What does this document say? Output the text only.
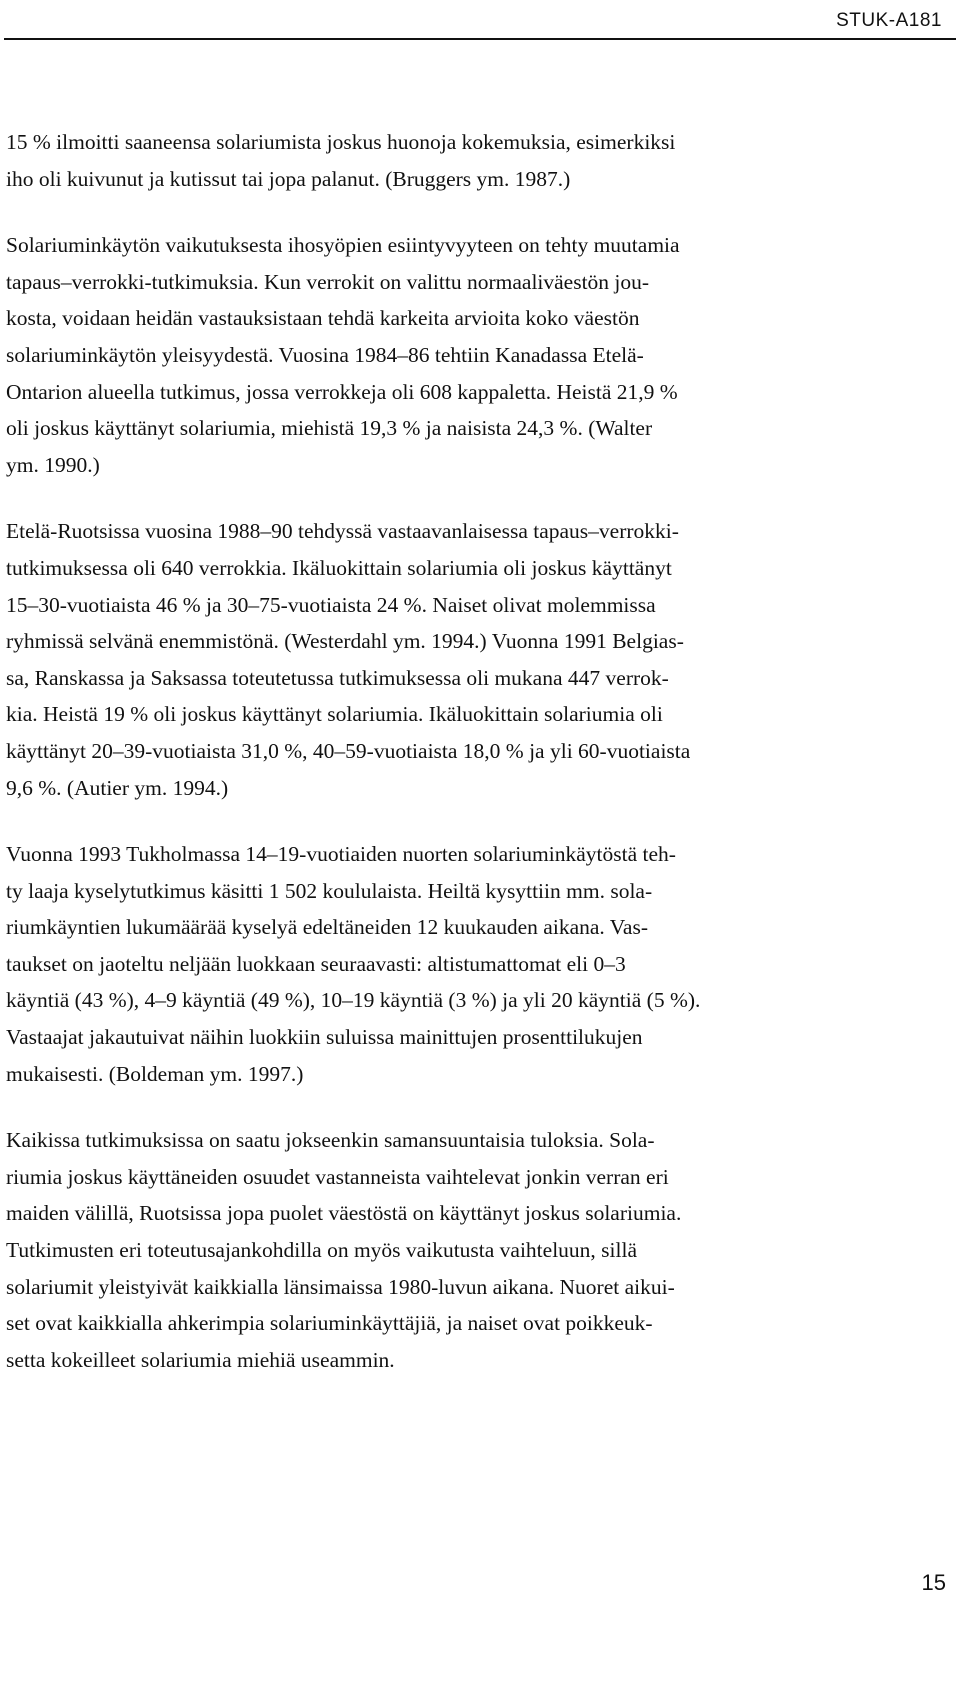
STUK-A181
15 % ilmoitti saaneensa solariumista joskus huonoja kokemuksia, esimerkiksi
iho oli kuivunut ja kutissut tai jopa palanut. (Bruggers ym. 1987.)
Solariuminkäytön vaikutuksesta ihosyöpien esiintyvyyteen on tehty muutamia
tapaus–verrokki-tutkimuksia. Kun verrokit on valittu normaaliväestön jou-
kosta, voidaan heidän vastauksistaan tehdä karkeita arvioita koko väestön
solariuminkäytön yleisyydestä. Vuosina 1984–86 tehtiin Kanadassa Etelä-
Ontarion alueella tutkimus, jossa verrokkeja oli 608 kappaletta. Heistä 21,9 %
oli joskus käyttänyt solariumia, miehistä 19,3 % ja naisista 24,3 %. (Walter
ym. 1990.)
Etelä-Ruotsissa vuosina 1988–90 tehdyssä vastaavanlaisessa tapaus–verrokki-
tutkimuksessa oli 640 verrokkia. Ikäluokittain solariumia oli joskus käyttänyt
15–30-vuotiaista 46 % ja 30–75-vuotiaista 24 %. Naiset olivat molemmissa
ryhmissä selvänä enemmistönä. (Westerdahl ym. 1994.) Vuonna 1991 Belgias-
sa, Ranskassa ja Saksassa toteutetussa tutkimuksessa oli mukana 447 verrok-
kia. Heistä 19 % oli joskus käyttänyt solariumia. Ikäluokittain solariumia oli
käyttänyt 20–39-vuotiaista 31,0 %, 40–59-vuotiaista 18,0 % ja yli 60-vuotiaista
9,6 %. (Autier ym. 1994.)
Vuonna 1993 Tukholmassa 14–19-vuotiaiden nuorten solariuminkäytöstä teh-
ty laaja kyselytutkimus käsitti 1 502 koululaista. Heiltä kysyttiin mm. sola-
riumkäyntien lukumäärää kyselyä edeltäneiden 12 kuukauden aikana. Vas-
taukset on jaoteltu neljään luokkaan seuraavasti: altistumattomat eli 0–3
käyntiä (43 %), 4–9 käyntiä (49 %), 10–19 käyntiä (3 %) ja yli 20 käyntiä (5 %).
Vastaajat jakautuivat näihin luokkiin suluissa mainittujen prosenttilukujen
mukaisesti. (Boldeman ym. 1997.)
Kaikissa tutkimuksissa on saatu jokseenkin samansuuntaisia tuloksia. Sola-
riumia joskus käyttäneiden osuudet vastanneista vaihtelevat jonkin verran eri
maiden välillä, Ruotsissa jopa puolet väestöstä on käyttänyt joskus solariumia.
Tutkimusten eri toteutusajankohdilla on myös vaikutusta vaihteluun, sillä
solariumit yleistyivät kaikkialla länsimaissa 1980-luvun aikana. Nuoret aikui-
set ovat kaikkialla ahkerimpia solariuminkäyttäjiä, ja naiset ovat poikkeuk-
setta kokeilleet solariumia miehiä useammin.
15
